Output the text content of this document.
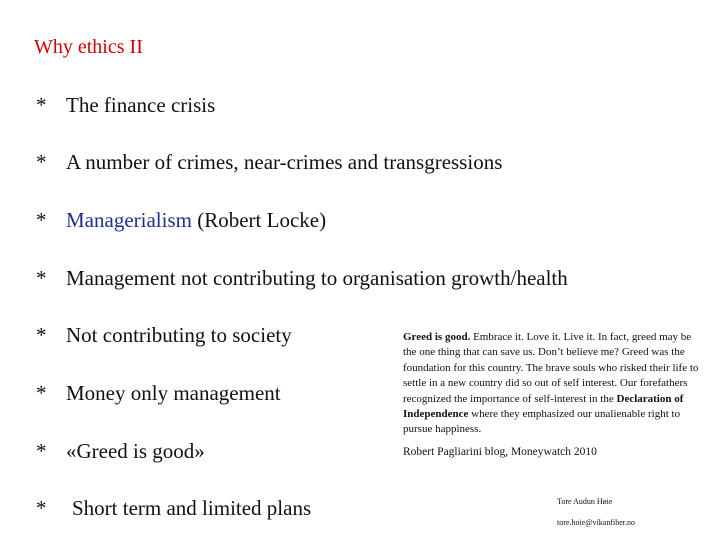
Why ethics II
* The finance crisis
* A number of crimes, near-crimes and transgressions
* Managerialism (Robert Locke)
* Management not contributing to organisation growth/health
* Not contributing to society
* Money only management
* «Greed is good»
* Short term and limited plans
Greed is good. Embrace it. Love it. Live it. In fact, greed may be the one thing that can save us. Don’t believe me? Greed was the foundation for this country. The brave souls who risked their life to settle in a new country did so out of self interest. Our forefathers recognized the importance of self-interest in the Declaration of Independence where they emphasized our unalienable right to pursue happiness.
Robert Pagliarini blog, Moneywatch 2010
Tore Audun Høie
tore.hoie@vikanfiber.no
